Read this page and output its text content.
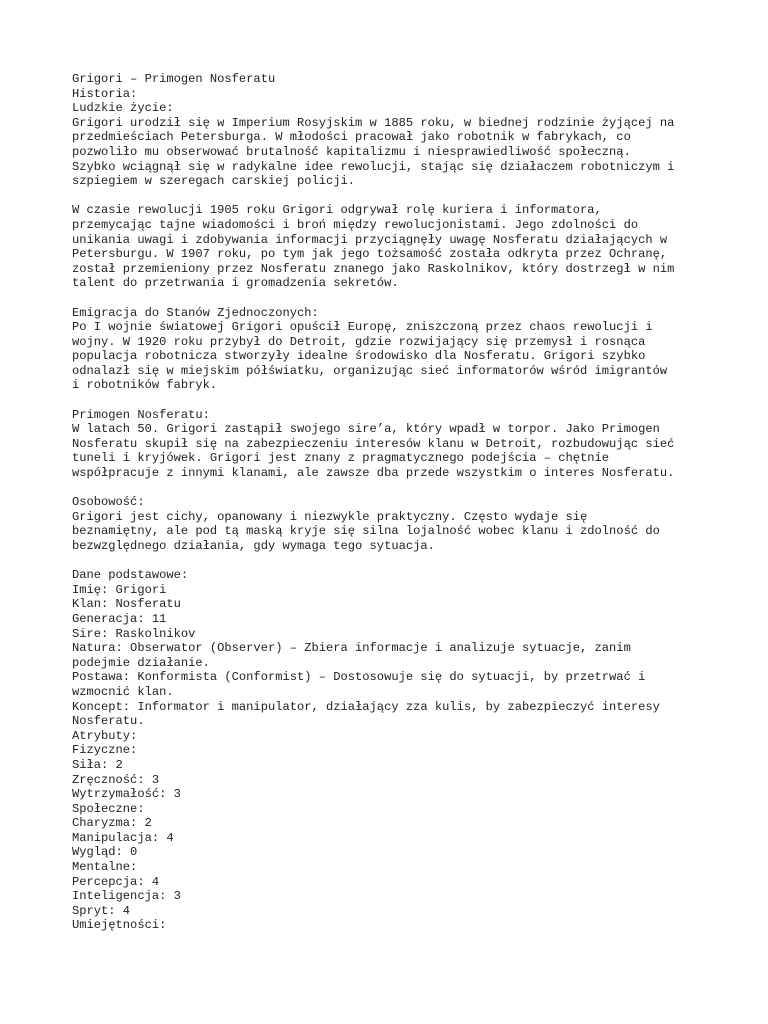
Grigori – Primogen Nosferatu
Historia:
Ludzkie życie:
Grigori urodził się w Imperium Rosyjskim w 1885 roku, w biednej rodzinie żyjącej na
przedmieściach Petersburga. W młodości pracował jako robotnik w fabrykach, co
pozwoliło mu obserwować brutalność kapitalizmu i niesprawiedliwość społeczną.
Szybko wciągnął się w radykalne idee rewolucji, stając się działaczem robotniczym i
szpiegiem w szeregach carskiej policji.
W czasie rewolucji 1905 roku Grigori odgrywał rolę kuriera i informatora,
przemycając tajne wiadomości i broń między rewolucjonistami. Jego zdolności do
unikania uwagi i zdobywania informacji przyciągnęły uwagę Nosferatu działających w
Petersburgu. W 1907 roku, po tym jak jego tożsamość została odkryta przez Ochranę,
został przemieniony przez Nosferatu znanego jako Raskolnikov, który dostrzegł w nim
talent do przetrwania i gromadzenia sekretów.
Emigracja do Stanów Zjednoczonych:
Po I wojnie światowej Grigori opuścił Europę, zniszczoną przez chaos rewolucji i
wojny. W 1920 roku przybył do Detroit, gdzie rozwijający się przemysł i rosnąca
populacja robotnicza stworzyły idealne środowisko dla Nosferatu. Grigori szybko
odnalazł się w miejskim półświatku, organizując sieć informatorów wśród imigrantów
i robotników fabryk.
Primogen Nosferatu:
W latach 50. Grigori zastąpił swojego sire’a, który wpadł w torpor. Jako Primogen
Nosferatu skupił się na zabezpieczeniu interesów klanu w Detroit, rozbudowując sieć
tuneli i kryjówek. Grigori jest znany z pragmatycznego podejścia – chętnie
współpracuje z innymi klanami, ale zawsze dba przede wszystkim o interes Nosferatu.
Osobowość:
Grigori jest cichy, opanowany i niezwykle praktyczny. Często wydaje się
beznamiętny, ale pod tą maską kryje się silna lojalność wobec klanu i zdolność do
bezwzględnego działania, gdy wymaga tego sytuacja.
Dane podstawowe:
Imię: Grigori
Klan: Nosferatu
Generacja: 11
Sire: Raskolnikov
Natura: Obserwator (Observer) – Zbiera informacje i analizuje sytuacje, zanim
podejmie działanie.
Postawa: Konformista (Conformist) – Dostosowuje się do sytuacji, by przetrwać i
wzmocnić klan.
Koncept: Informator i manipulator, działający zza kulis, by zabezpieczyć interesy
Nosferatu.
Atrybuty:
Fizyczne:
Siła: 2
Zręczność: 3
Wytrzymałość: 3
Społeczne:
Charyzma: 2
Manipulacja: 4
Wygląd: 0
Mentalne:
Percepcja: 4
Inteligencja: 3
Spryt: 4
Umiejętności:
